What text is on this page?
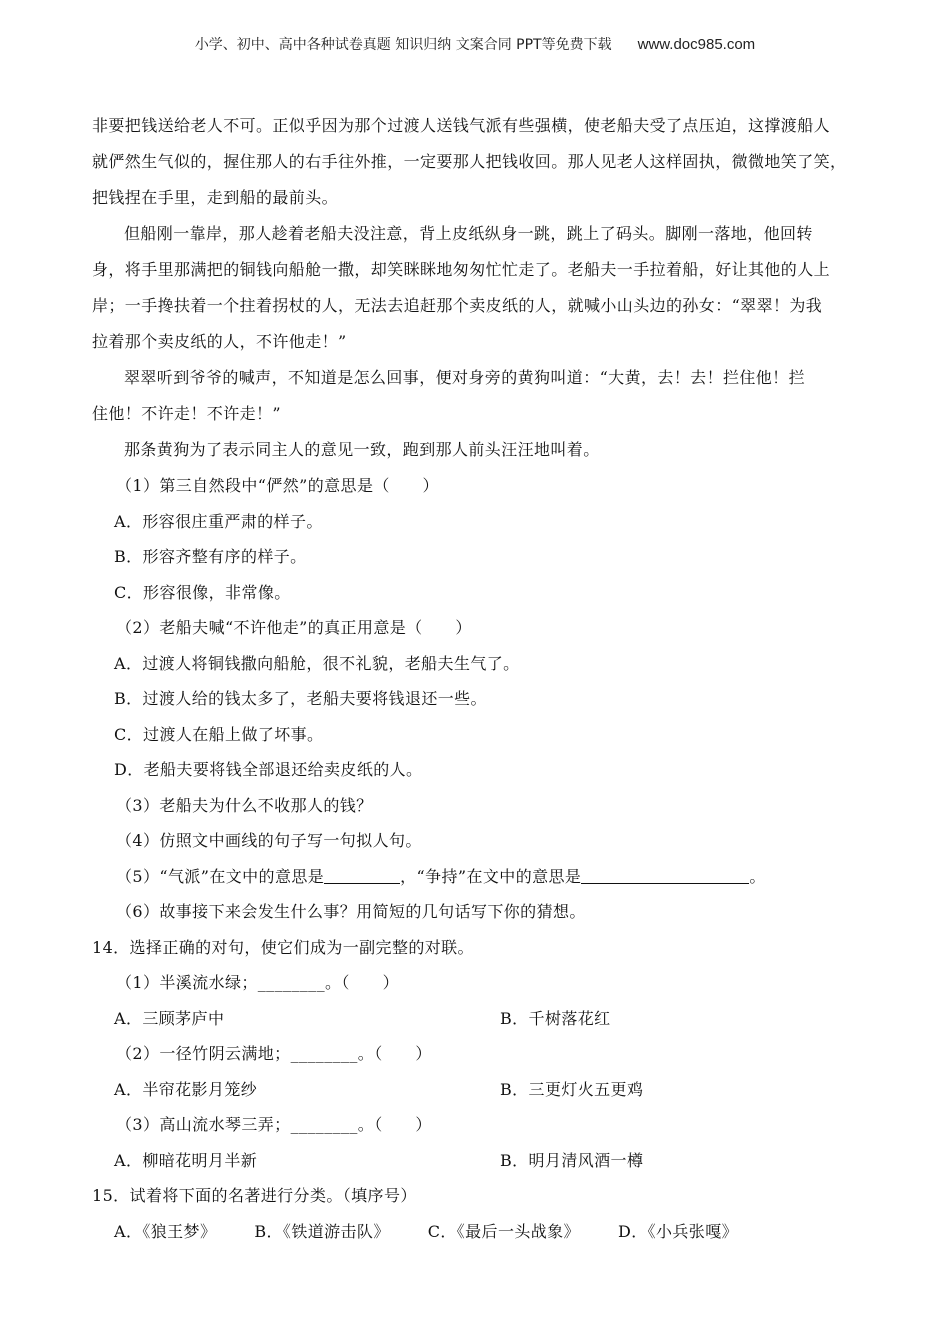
小学、初中、高中各种试卷真题 知识归纳 文案合同 PPT等免费下载 www.doc985.com
非要把钱送给老人不可。正似乎因为那个过渡人送钱气派有些强横，使老船夫受了点压迫，这撑渡船人
就俨然生气似的，握住那人的右手往外推，一定要那人把钱收回。那人见老人这样固执，微微地笑了笑，
把钱捏在手里，走到船的最前头。
但船刚一靠岸，那人趁着老船夫没注意，背上皮纸纵身一跳，跳上了码头。脚刚一落地，他回转
身，将手里那满把的铜钱向船舱一撒，却笑眯眯地匆匆忙忙走了。老船夫一手拉着船，好让其他的人上
岸；一手搀扶着一个拄着拐杖的人，无法去追赶那个卖皮纸的人，就喊小山头边的孙女：“翠翠！为我
拉着那个卖皮纸的人，不许他走！”
翠翠听到爷爷的喊声，不知道是怎么回事，便对身旁的黄狗叫道：“大黄，去！去！拦住他！拦
住他！不许走！不许走！”
那条黄狗为了表示同主人的意见一致，跑到那人前头汪汪地叫着。
（1）第三自然段中“俨然”的意思是（　　）
A．形容很庄重严肃的样子。
B．形容齐整有序的样子。
C．形容很像，非常像。
（2）老船夫喊“不许他走”的真正用意是（　　）
A．过渡人将铜钱撒向船舱，很不礼貌，老船夫生气了。
B．过渡人给的钱太多了，老船夫要将钱退还一些。
C．过渡人在船上做了坏事。
D．老船夫要将钱全部退还给卖皮纸的人。
（3）老船夫为什么不收那人的钱？
（4）仿照文中画线的句子写一句拟人句。
（5）“气派”在文中的意思是	，“争持”在文中的意思是	。
（6）故事接下来会发生什么事？用简短的几句话写下你的猜想。
14．选择正确的对句，使它们成为一副完整的对联。
（1）半溪流水绿；________。（　　）
A．三顾茅庐中	B．千树落花红
（2）一径竹阴云满地；________。（　　）
A．半帘花影月笼纱	B．三更灯火五更鸡
（3）高山流水琴三弄；________。（　　）
A．柳暗花明月半新	B．明月清风酒一樽
15．试着将下面的名著进行分类。（填序号）
A．《狼王梦》 B．《铁道游击队》 C．《最后一头战象》 D．《小兵张嘎》
